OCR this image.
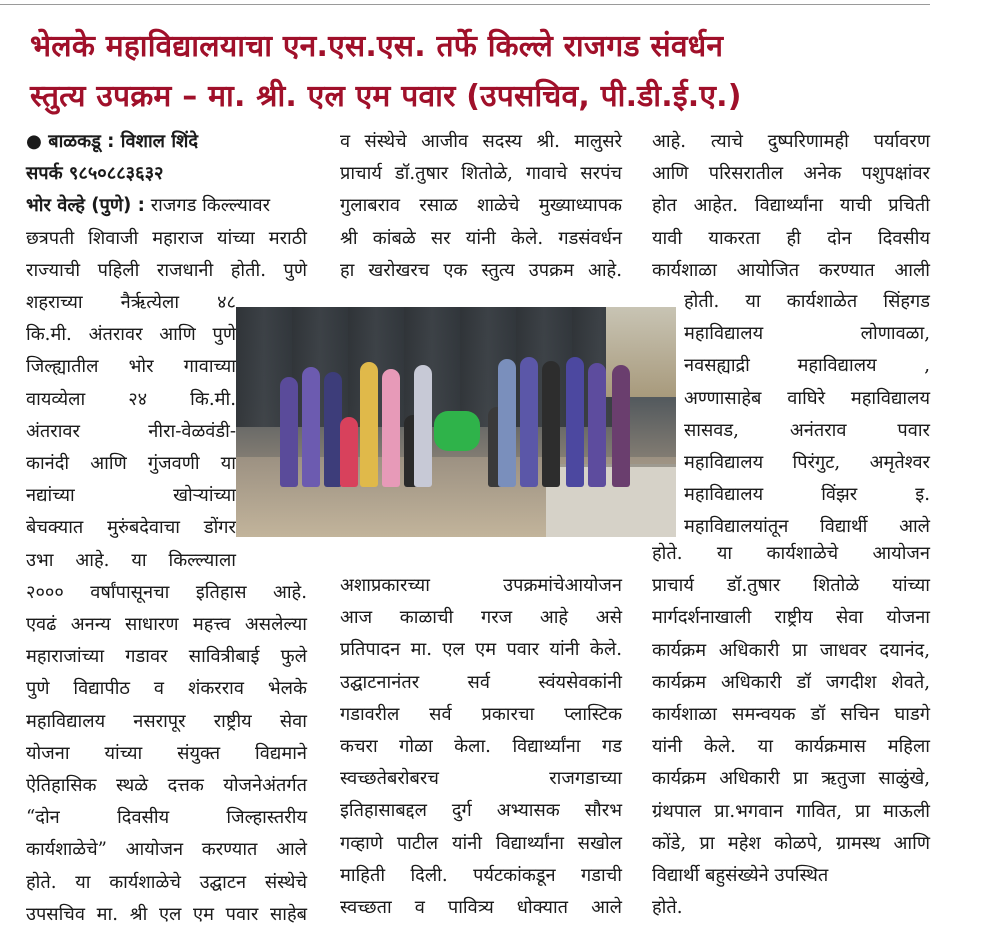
भेलके महाविद्यालयाचा एन.एस.एस. तर्फे किल्ले राजगड संवर्धन
स्तुत्य उपक्रम – मा. श्री. एल एम पवार (उपसचिव, पी.डी.ई.ए.)

● बाळकडू : विशाल शिंदे

सपर्क ९८५०८८३६३२

भोर वेल्हे (पुणे) : राजगड किल्ल्यावर

छत्रपती शिवाजी महाराज यांच्या मराठी

राज्याची पहिली राजधानी होती. पुणे

शहराच्या नैर्ऋत्येला ४८

कि.मी. अंतरावर आणि पुणे

जिल्ह्यातील भोर गावाच्या

वायव्येला २४ कि.मी.

अंतरावर नीरा-वेळवंडी-

कानंदी आणि गुंजवणी या

नद्यांच्या खोऱ्यांच्या

बेचक्यात मुरुंबदेवाचा डोंगर

उभा आहे. या किल्ल्याला

२००० वर्षांपासूनचा इतिहास आहे.

एवढं अनन्य साधारण महत्त्व असलेल्या

महाराजांच्या गडावर सावित्रीबाई फुले

पुणे विद्यापीठ व शंकरराव भेलके

महाविद्यालय नसरापूर राष्ट्रीय सेवा

योजना यांच्या संयुक्त विद्यमाने

ऐतिहासिक स्थळे दत्तक योजनेअंतर्गत

“दोन दिवसीय जिल्हास्तरीय

कार्यशाळेचे” आयोजन करण्यात आले

होते. या कार्यशाळेचे उद्घाटन संस्थेचे

उपसचिव मा. श्री एल एम पवार साहेब

व संस्थेचे आजीव सदस्य श्री. मालुसरे

प्राचार्य डॉ.तुषार शितोळे, गावाचे सरपंच

गुलाबराव रसाळ शाळेचे मुख्याध्यापक

श्री कांबळे सर यांनी केले. गडसंवर्धन

हा खरोखरच एक स्तुत्य उपक्रम आहे.

अशाप्रकारच्या उपक्रमांचेआयोजन

आज काळाची गरज आहे असे

प्रतिपादन मा. एल एम पवार यांनी केले.

उद्घाटनानंतर सर्व स्वंयसेवकांनी

गडावरील सर्व प्रकारचा प्लास्टिक

कचरा गोळा केला. विद्यार्थ्यांना गड

स्वच्छतेबरोबरच राजगडाच्या

इतिहासाबद्दल दुर्ग अभ्यासक सौरभ

गव्हाणे पाटील यांनी विद्यार्थ्यांना सखोल

माहिती दिली. पर्यटकांकडून गडाची

स्वच्छता व पावित्र्य धोक्यात आले

आहे. त्याचे दुष्परिणामही पर्यावरण

आणि परिसरातील अनेक पशुपक्षांवर

होत आहेत. विद्यार्थ्यांना याची प्रचिती

यावी याकरता ही दोन दिवसीय

कार्यशाळा आयोजित करण्यात आली

होती. या कार्यशाळेत सिंहगड

महाविद्यालय लोणावळा,

नवसह्याद्री महाविद्यालय ,

अण्णासाहेब वाघिरे महाविद्यालय

सासवड, अनंतराव पवार

महाविद्यालय पिरंगुट, अमृतेश्वर

महाविद्यालय विंझर इ.

महाविद्यालयांतून विद्यार्थी आले

होते. या कार्यशाळेचे आयोजन

प्राचार्य डॉ.तुषार शितोळे यांच्या

मार्गदर्शनाखाली राष्ट्रीय सेवा योजना

कार्यक्रम अधिकारी प्रा जाधवर दयानंद,

कार्यक्रम अधिकारी डॉ जगदीश शेवते,

कार्यशाळा समन्वयक डॉ सचिन घाडगे

यांनी केले. या कार्यक्रमास महिला

कार्यक्रम अधिकारी प्रा ऋतुजा साळुंखे,

ग्रंथपाल प्रा.भगवान गावित, प्रा माऊली

कोंडे, प्रा महेश कोळपे, ग्रामस्थ आणि

विद्यार्थी बहुसंख्येने उपस्थित

होते.
